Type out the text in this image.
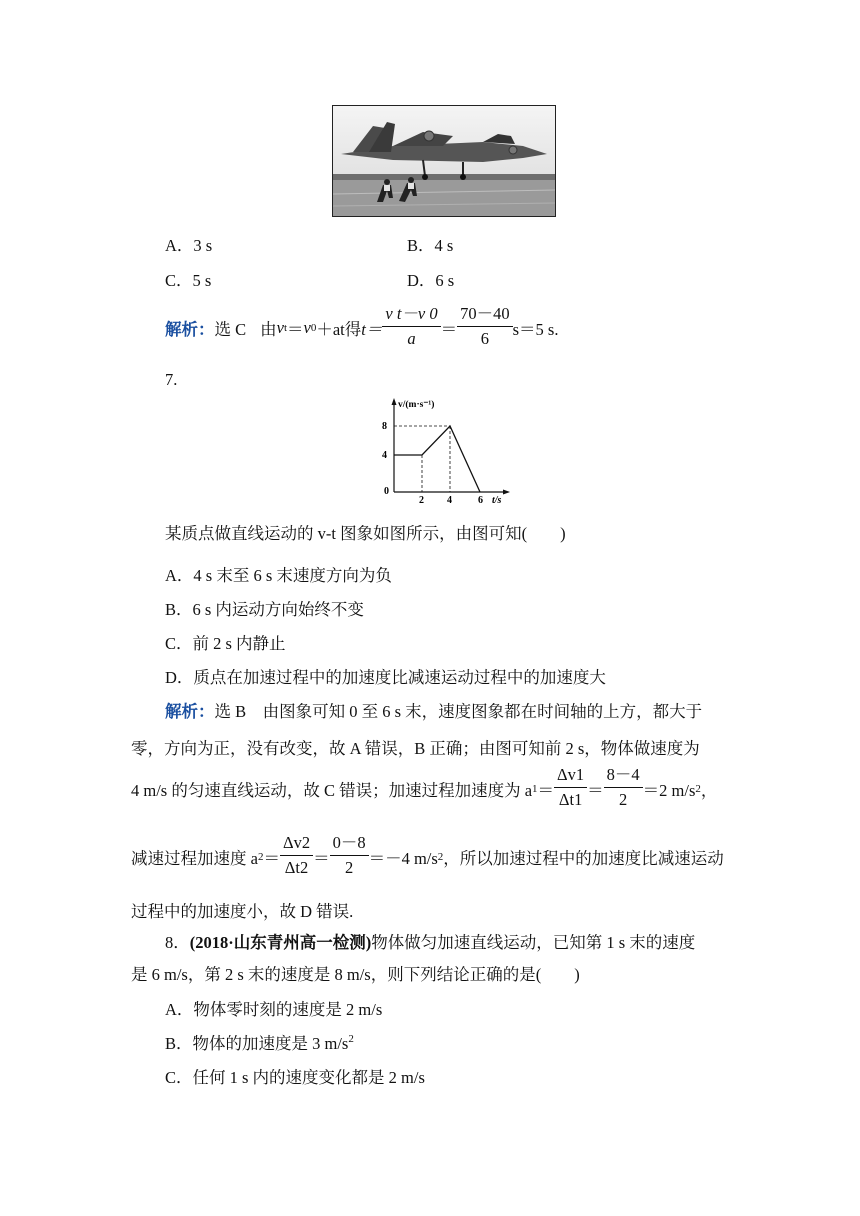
A．3 s	B．4 s
C．5 s	D．6 s
解析： 选 C 由 v t ＝ v 0 ＋at 得 $t= \frac{\text{v t－v 0}}{a} = \frac{70-40}{6} s=5$ s.
7.
v/(m·s⁻¹)
8
4
0
2 4	6 t/s
某质点做直线运动的 v-t 图象如图所示，由图可知(　　)
A．4 s 末至 6 s 末速度方向为负
B．6 s 内运动方向始终不变
C．前 2 s 内静止
D．质点在加速过程中的加速度比减速运动过程中的加速度大
解析：选 B　由图象可知 0 至 6 s 末，速度图象都在时间轴的上方，都大于
零，方向为正，没有改变，故 A 错误，B 正确；由图可知前 2 s，物体做速度为
4 m/s 的匀速直线运动，故 C 错误；加速过程加速度为 a $1 = \frac{\Delta v1}{\Delta t1} = \frac{8-4}{2} =2$ m/s 2 ，
减速过程加速度 a $2 = \frac{\Delta v2}{\Delta t2} = \frac{0-8}{2} =-4$ m/s 2 ，所以加速过程中的加速度比减速运动
过程中的加速度小，故 D 错误.
8．(2018·山东青州高一检测)物体做匀加速直线运动，已知第 1 s 末的速度
是 6 m/s，第 2 s 末的速度是 8 m/s，则下列结论正确的是(　　)
A．物体零时刻的速度是 2 m/s
B．物体的加速度是 3 $m/s^2$
C．任何 1 s 内的速度变化都是 2 m/s
